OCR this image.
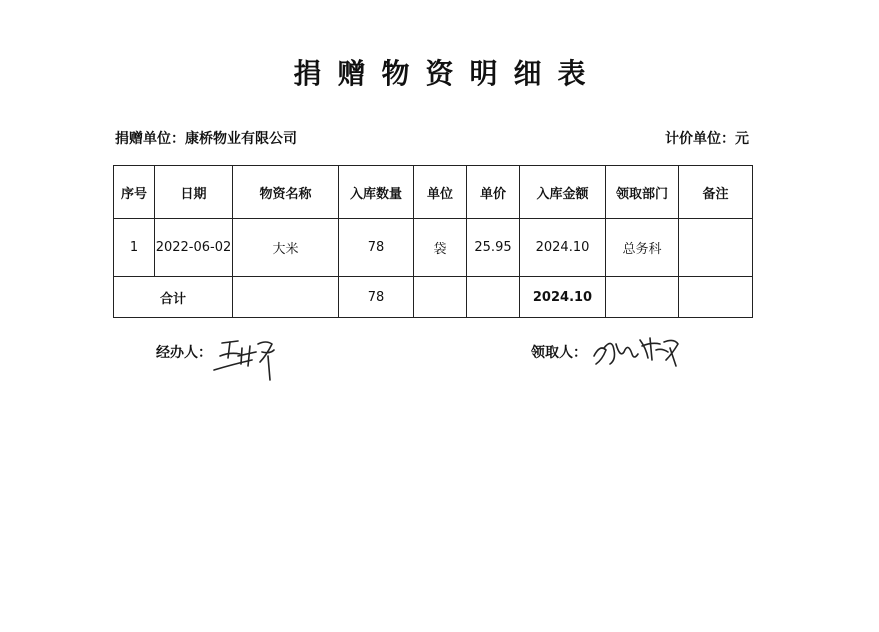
捐赠物资明细表
捐赠单位：康桥物业有限公司	计价单位：元
序号	日期	物资名称	入库数量	单位	单价	入库金额	领取部门	备注
1	2022-06-02	大米	78	袋	25.95	2024.10	总务科	
合计			78			2024.10		
经办人：	领取人：
